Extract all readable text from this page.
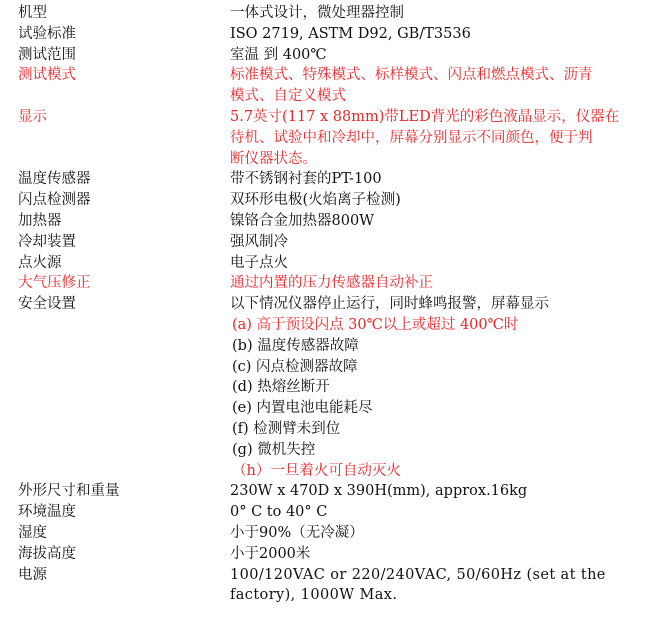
机型	一体式设计，微处理器控制
试验标准	ISO 2719, ASTM D92, GB/T3536
测试范围	室温 到 400℃
测试模式	标准模式、特殊模式、标样模式、闪点和燃点模式、沥青
模式、自定义模式
显示	5.7英寸(117 x 88mm)带LED背光的彩色液晶显示，仪器在
待机、试验中和冷却中，屏幕分别显示不同颜色，便于判
断仪器状态。
温度传感器	带不锈钢衬套的PT-100
闪点检测器	双环形电极(火焰离子检测)
加热器	镍铬合金加热器800W
冷却装置	强风制冷
点火源	电子点火
大气压修正	通过内置的压力传感器自动补正
安全设置	以下情况仪器停止运行，同时蜂鸣报警，屏幕显示
(a) 高于预设闪点 30℃以上或超过 400℃时
(b) 温度传感器故障
(c) 闪点检测器故障
(d) 热熔丝断开
(e) 内置电池电能耗尽
(f) 检测臂未到位
(g) 微机失控
（h）一旦着火可自动灭火
外形尺寸和重量	230W x 470D x 390H(mm), approx.16kg
环境温度	0° C to 40° C
湿度	小于90%（无冷凝）
海拔高度	小于2000米
电源	100/120VAC or 220/240VAC, 50/60Hz (set at the
factory), 1000W Max.
